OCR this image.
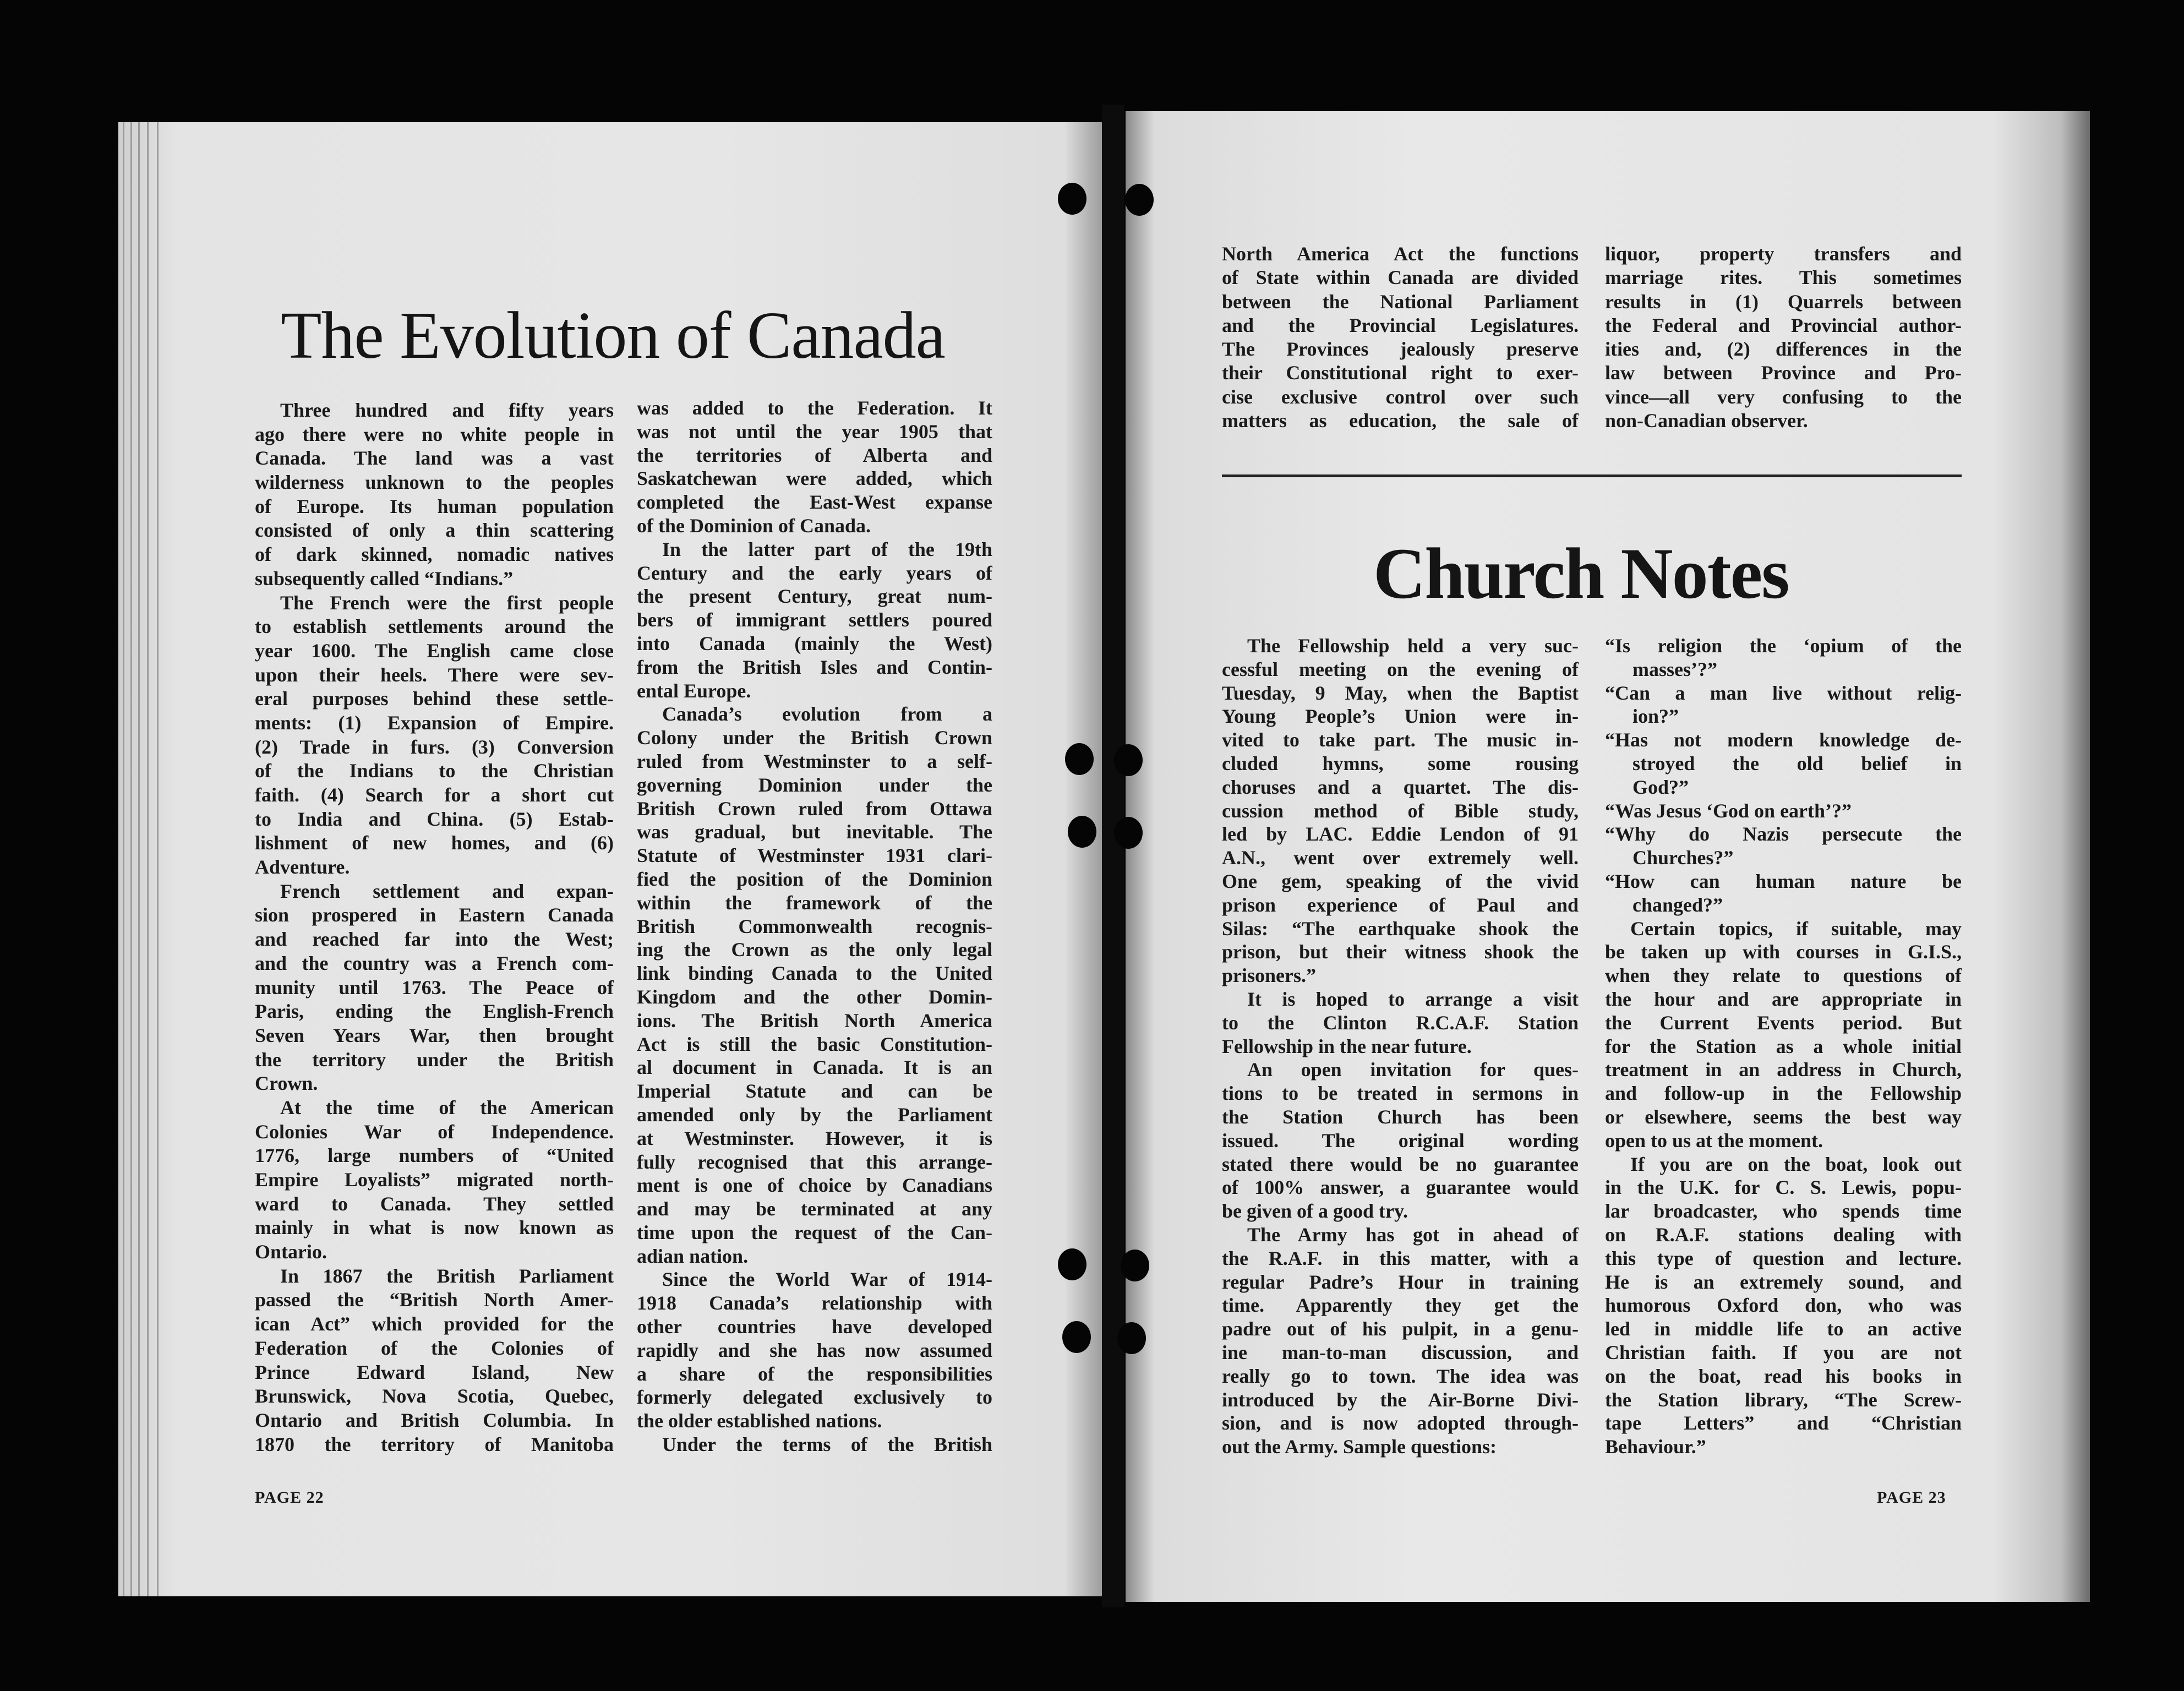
The Evolution of Canada
Three hundred and fifty years
ago there were no white people in
Canada. The land was a vast
wilderness unknown to the peoples
of Europe. Its human population
consisted of only a thin scattering
of dark skinned, nomadic natives
subsequently called “Indians.”
The French were the first people
to establish settlements around the
year 1600. The English came close
upon their heels. There were sev-
eral purposes behind these settle-
ments: (1) Expansion of Empire.
(2) Trade in furs. (3) Conversion
of the Indians to the Christian
faith. (4) Search for a short cut
to India and China. (5) Estab-
lishment of new homes, and (6)
Adventure.
French settlement and expan-
sion prospered in Eastern Canada
and reached far into the West;
and the country was a French com-
munity until 1763. The Peace of
Paris, ending the English-French
Seven Years War, then brought
the territory under the British
Crown.
At the time of the American
Colonies War of Independence.
1776, large numbers of “United
Empire Loyalists” migrated north-
ward to Canada. They settled
mainly in what is now known as
Ontario.
In 1867 the British Parliament
passed the “British North Amer-
ican Act” which provided for the
Federation of the Colonies of
Prince Edward Island, New
Brunswick, Nova Scotia, Quebec,
Ontario and British Columbia. In
1870 the territory of Manitoba
was added to the Federation. It
was not until the year 1905 that
the territories of Alberta and
Saskatchewan were added, which
completed the East-West expanse
of the Dominion of Canada.
In the latter part of the 19th
Century and the early years of
the present Century, great num-
bers of immigrant settlers poured
into Canada (mainly the West)
from the British Isles and Contin-
ental Europe.
Canada’s evolution from a
Colony under the British Crown
ruled from Westminster to a self-
governing Dominion under the
British Crown ruled from Ottawa
was gradual, but inevitable. The
Statute of Westminster 1931 clari-
fied the position of the Dominion
within the framework of the
British Commonwealth recognis-
ing the Crown as the only legal
link binding Canada to the United
Kingdom and the other Domin-
ions. The British North America
Act is still the basic Constitution-
al document in Canada. It is an
Imperial Statute and can be
amended only by the Parliament
at Westminster. However, it is
fully recognised that this arrange-
ment is one of choice by Canadians
and may be terminated at any
time upon the request of the Can-
adian nation.
Since the World War of 1914-
1918 Canada’s relationship with
other countries have developed
rapidly and she has now assumed
a share of the responsibilities
formerly delegated exclusively to
the older established nations.
Under the terms of the British
PAGE 22
North America Act the functions
of State within Canada are divided
between the National Parliament
and the Provincial Legislatures.
The Provinces jealously preserve
their Constitutional right to exer-
cise exclusive control over such
matters as education, the sale of
liquor, property transfers and
marriage rites. This sometimes
results in (1) Quarrels between
the Federal and Provincial author-
ities and, (2) differences in the
law between Province and Pro-
vince—all very confusing to the
non-Canadian observer.
Church Notes
The Fellowship held a very suc-
cessful meeting on the evening of
Tuesday, 9 May, when the Baptist
Young People’s Union were in-
vited to take part. The music in-
cluded hymns, some rousing
choruses and a quartet. The dis-
cussion method of Bible study,
led by LAC. Eddie Lendon of 91
A.N., went over extremely well.
One gem, speaking of the vivid
prison experience of Paul and
Silas: “The earthquake shook the
prison, but their witness shook the
prisoners.”
It is hoped to arrange a visit
to the Clinton R.C.A.F. Station
Fellowship in the near future.
An open invitation for ques-
tions to be treated in sermons in
the Station Church has been
issued. The original wording
stated there would be no guarantee
of 100% answer, a guarantee would
be given of a good try.
The Army has got in ahead of
the R.A.F. in this matter, with a
regular Padre’s Hour in training
time. Apparently they get the
padre out of his pulpit, in a genu-
ine man-to-man discussion, and
really go to town. The idea was
introduced by the Air-Borne Divi-
sion, and is now adopted through-
out the Army. Sample questions:
“Is religion the ‘opium of the
masses’?”
“Can a man live without relig-
ion?”
“Has not modern knowledge de-
stroyed the old belief in
God?”
“Was Jesus ‘God on earth’?”
“Why do Nazis persecute the
Churches?”
“How can human nature be
changed?”
Certain topics, if suitable, may
be taken up with courses in G.I.S.,
when they relate to questions of
the hour and are appropriate in
the Current Events period. But
for the Station as a whole initial
treatment in an address in Church,
and follow-up in the Fellowship
or elsewhere, seems the best way
open to us at the moment.
If you are on the boat, look out
in the U.K. for C. S. Lewis, popu-
lar broadcaster, who spends time
on R.A.F. stations dealing with
this type of question and lecture.
He is an extremely sound, and
humorous Oxford don, who was
led in middle life to an active
Christian faith. If you are not
on the boat, read his books in
the Station library, “The Screw-
tape Letters” and “Christian
Behaviour.”
PAGE 23
